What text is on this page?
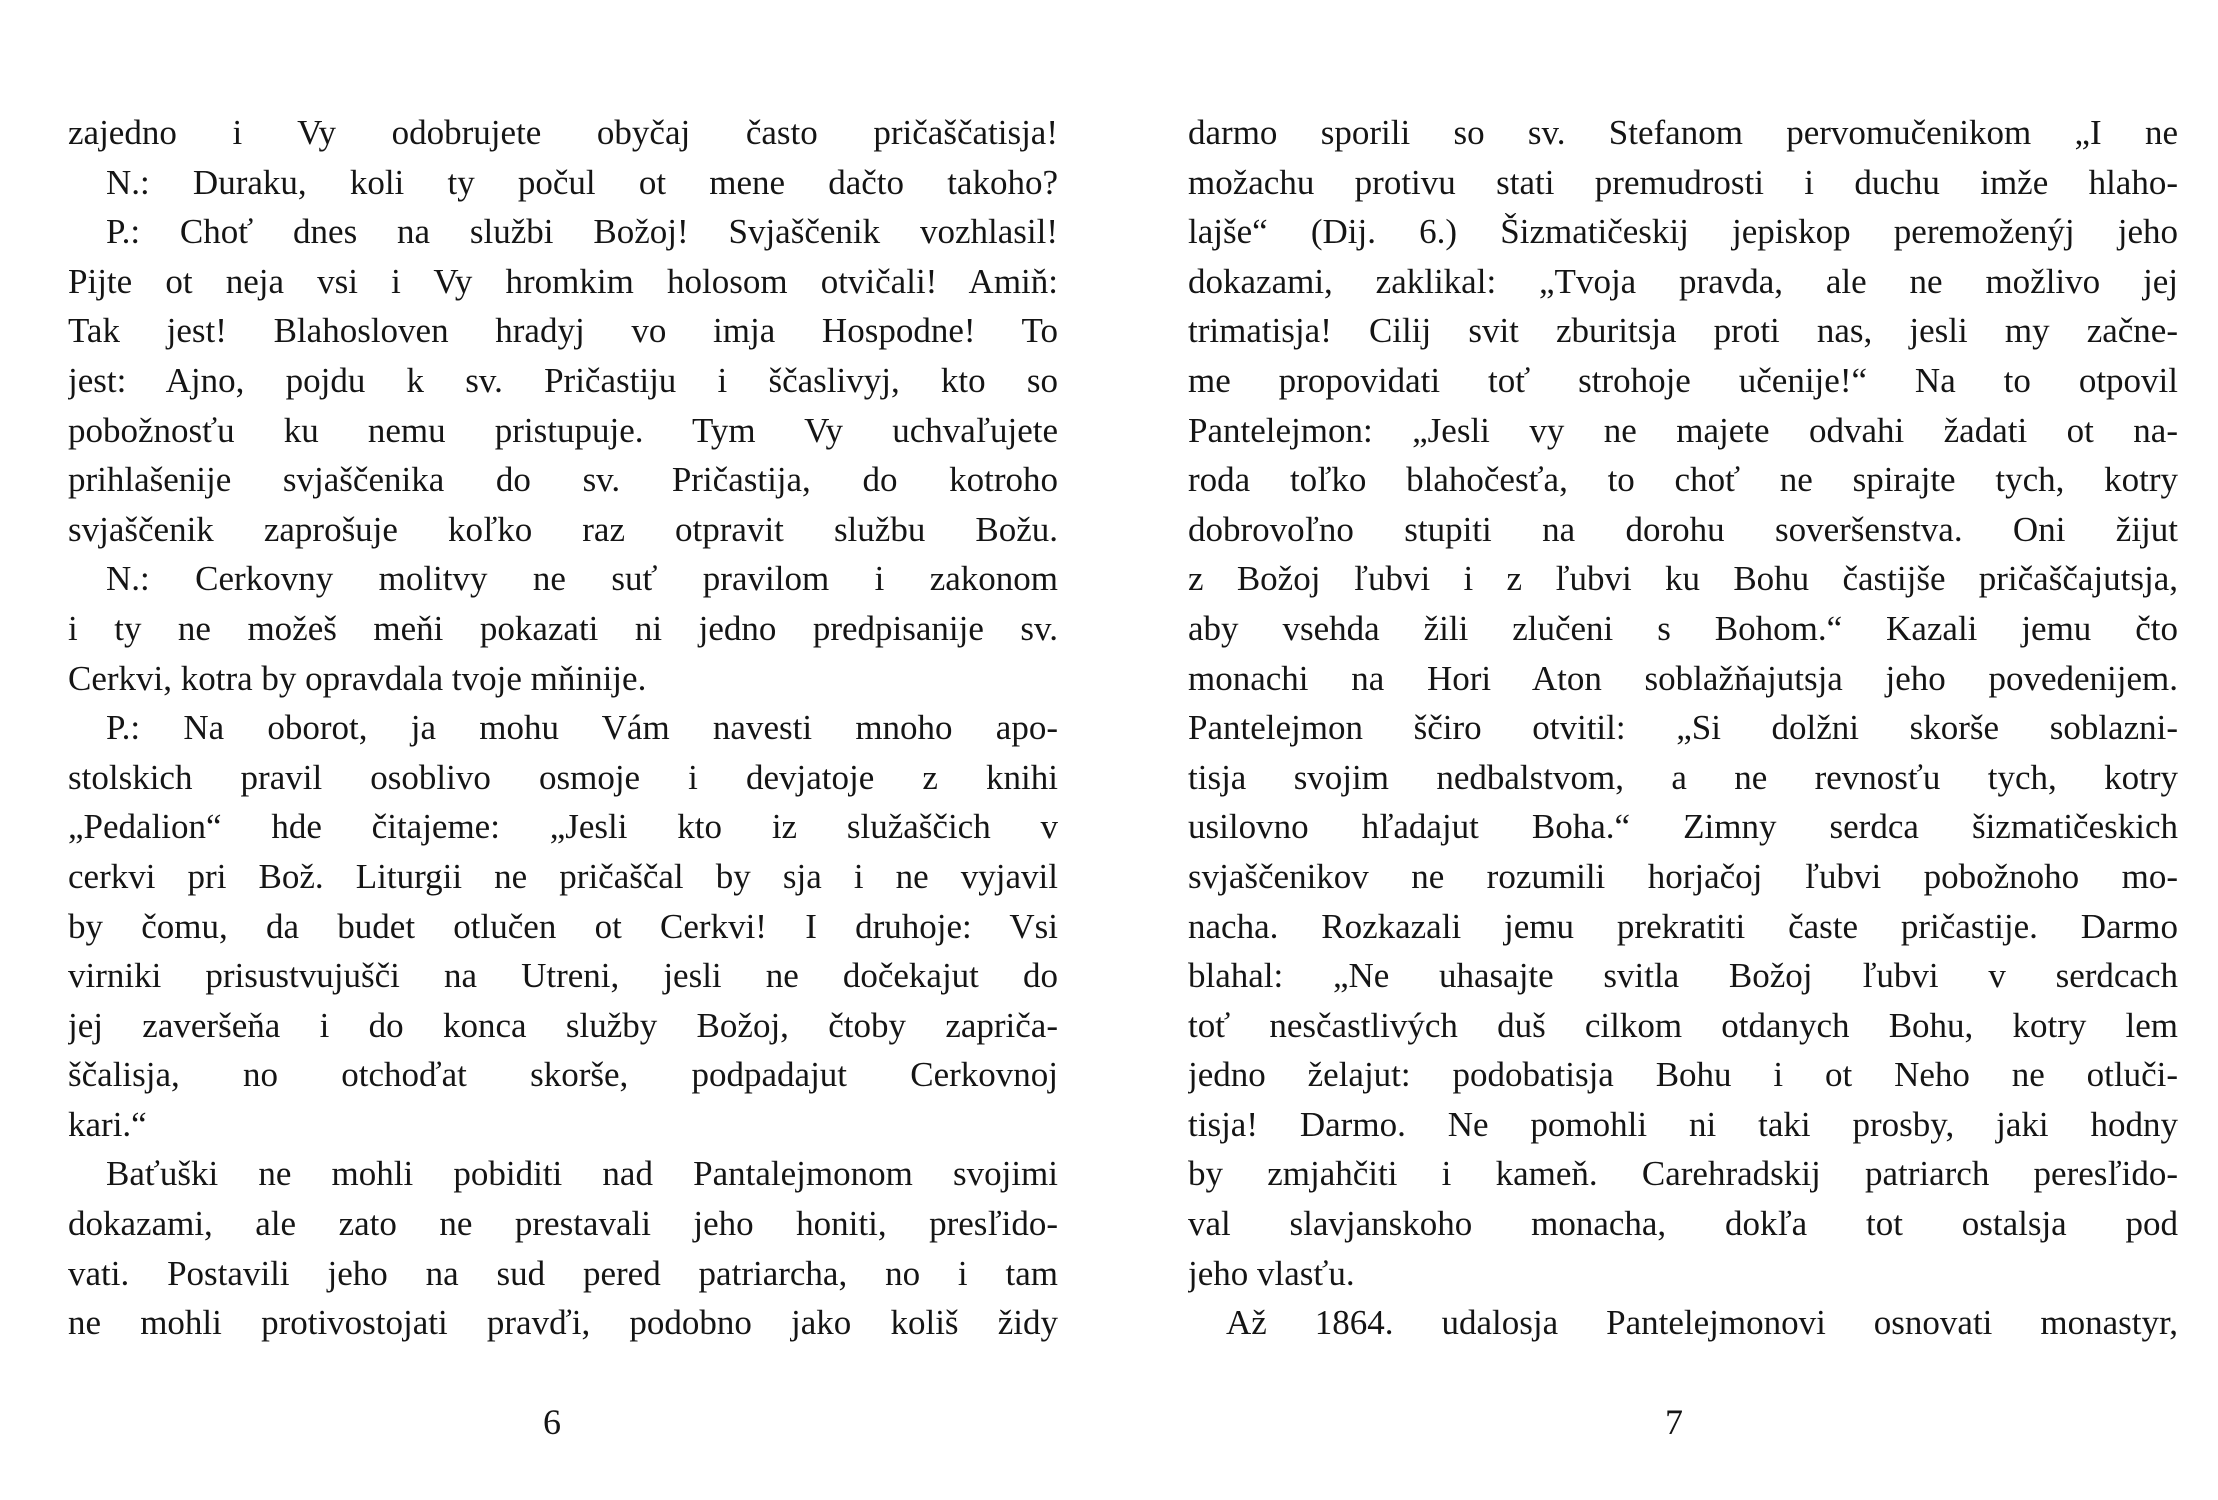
zajedno i Vy odobrujete obyčaj často pričaščatisja!
N.: Duraku, koli ty počul ot mene dačto takoho?
P.: Choť dnes na službi Božoj! Svjaščenik vozhlasil!
Pijte ot neja vsi i Vy hromkim holosom otvičali! Amiň:
Tak jest! Blahosloven hradyj vo imja Hospodne! To
jest: Ajno, pojdu k sv. Pričastiju i ščaslivyj, kto so
pobožnosťu ku nemu pristupuje. Tym Vy uchvaľujete
prihlašenije svjaščenika do sv. Pričastija, do kotroho
svjaščenik zaprošuje koľko raz otpravit službu Božu.
N.: Cerkovny molitvy ne suť pravilom i zakonom
i ty ne možeš meňi pokazati ni jedno predpisanije sv.
Cerkvi, kotra by opravdala tvoje mňinije.
P.: Na oborot, ja mohu Vám navesti mnoho apo-
stolskich pravil osoblivo osmoje i devjatoje z knihi
„Pedalion“ hde čitajeme: „Jesli kto iz služaščich v
cerkvi pri Bož. Liturgii ne pričaščal by sja i ne vyjavil
by čomu, da budet otlučen ot Cerkvi! I druhoje: Vsi
virniki prisustvujušči na Utreni, jesli ne dočekajut do
jej zaveršeňa i do konca služby Božoj, čtoby zapriča-
ščalisja, no otchoďat skorše, podpadajut Cerkovnoj
kari.“
Baťuški ne mohli pobiditi nad Pantalejmonom svojimi
dokazami, ale zato ne prestavali jeho honiti, presľido-
vati. Postavili jeho na sud pered patriarcha, no i tam
ne mohli protivostojati pravďi, podobno jako koliš židy
darmo sporili so sv. Stefanom pervomučenikom „I ne
možachu protivu stati premudrosti i duchu imže hlaho-
lajše“ (Dij. 6.) Šizmatičeskij jepiskop peremoženýj jeho
dokazami, zaklikal: „Tvoja pravda, ale ne možlivo jej
trimatisja! Cilij svit zburitsja proti nas, jesli my začne-
me propovidati toť strohoje učenije!“ Na to otpovil
Pantelejmon: „Jesli vy ne majete odvahi žadati ot na-
roda toľko blahočesťa, to choť ne spirajte tych, kotry
dobrovoľno stupiti na dorohu soveršenstva. Oni žijut
z Božoj ľubvi i z ľubvi ku Bohu častijše pričaščajutsja,
aby vsehda žili zlučeni s Bohom.“ Kazali jemu čto
monachi na Hori Aton soblažňajutsja jeho povedenijem.
Pantelejmon ščiro otvitil: „Si dolžni skorše soblazni-
tisja svojim nedbalstvom, a ne revnosťu tych, kotry
usilovno hľadajut Boha.“ Zimny serdca šizmatičeskich
svjaščenikov ne rozumili horjačoj ľubvi pobožnoho mo-
nacha. Rozkazali jemu prekratiti časte pričastije. Darmo
blahal: „Ne uhasajte svitla Božoj ľubvi v serdcach
toť nesčastlivých duš cilkom otdanych Bohu, kotry lem
jedno želajut: podobatisja Bohu i ot Neho ne otluči-
tisja! Darmo. Ne pomohli ni taki prosby, jaki hodny
by zmjahčiti i kameň. Carehradskij patriarch peresľido-
val slavjanskoho monacha, dokľa tot ostalsja pod
jeho vlasťu.
Až 1864. udalosja Pantelejmonovi osnovati monastyr,
6	7
